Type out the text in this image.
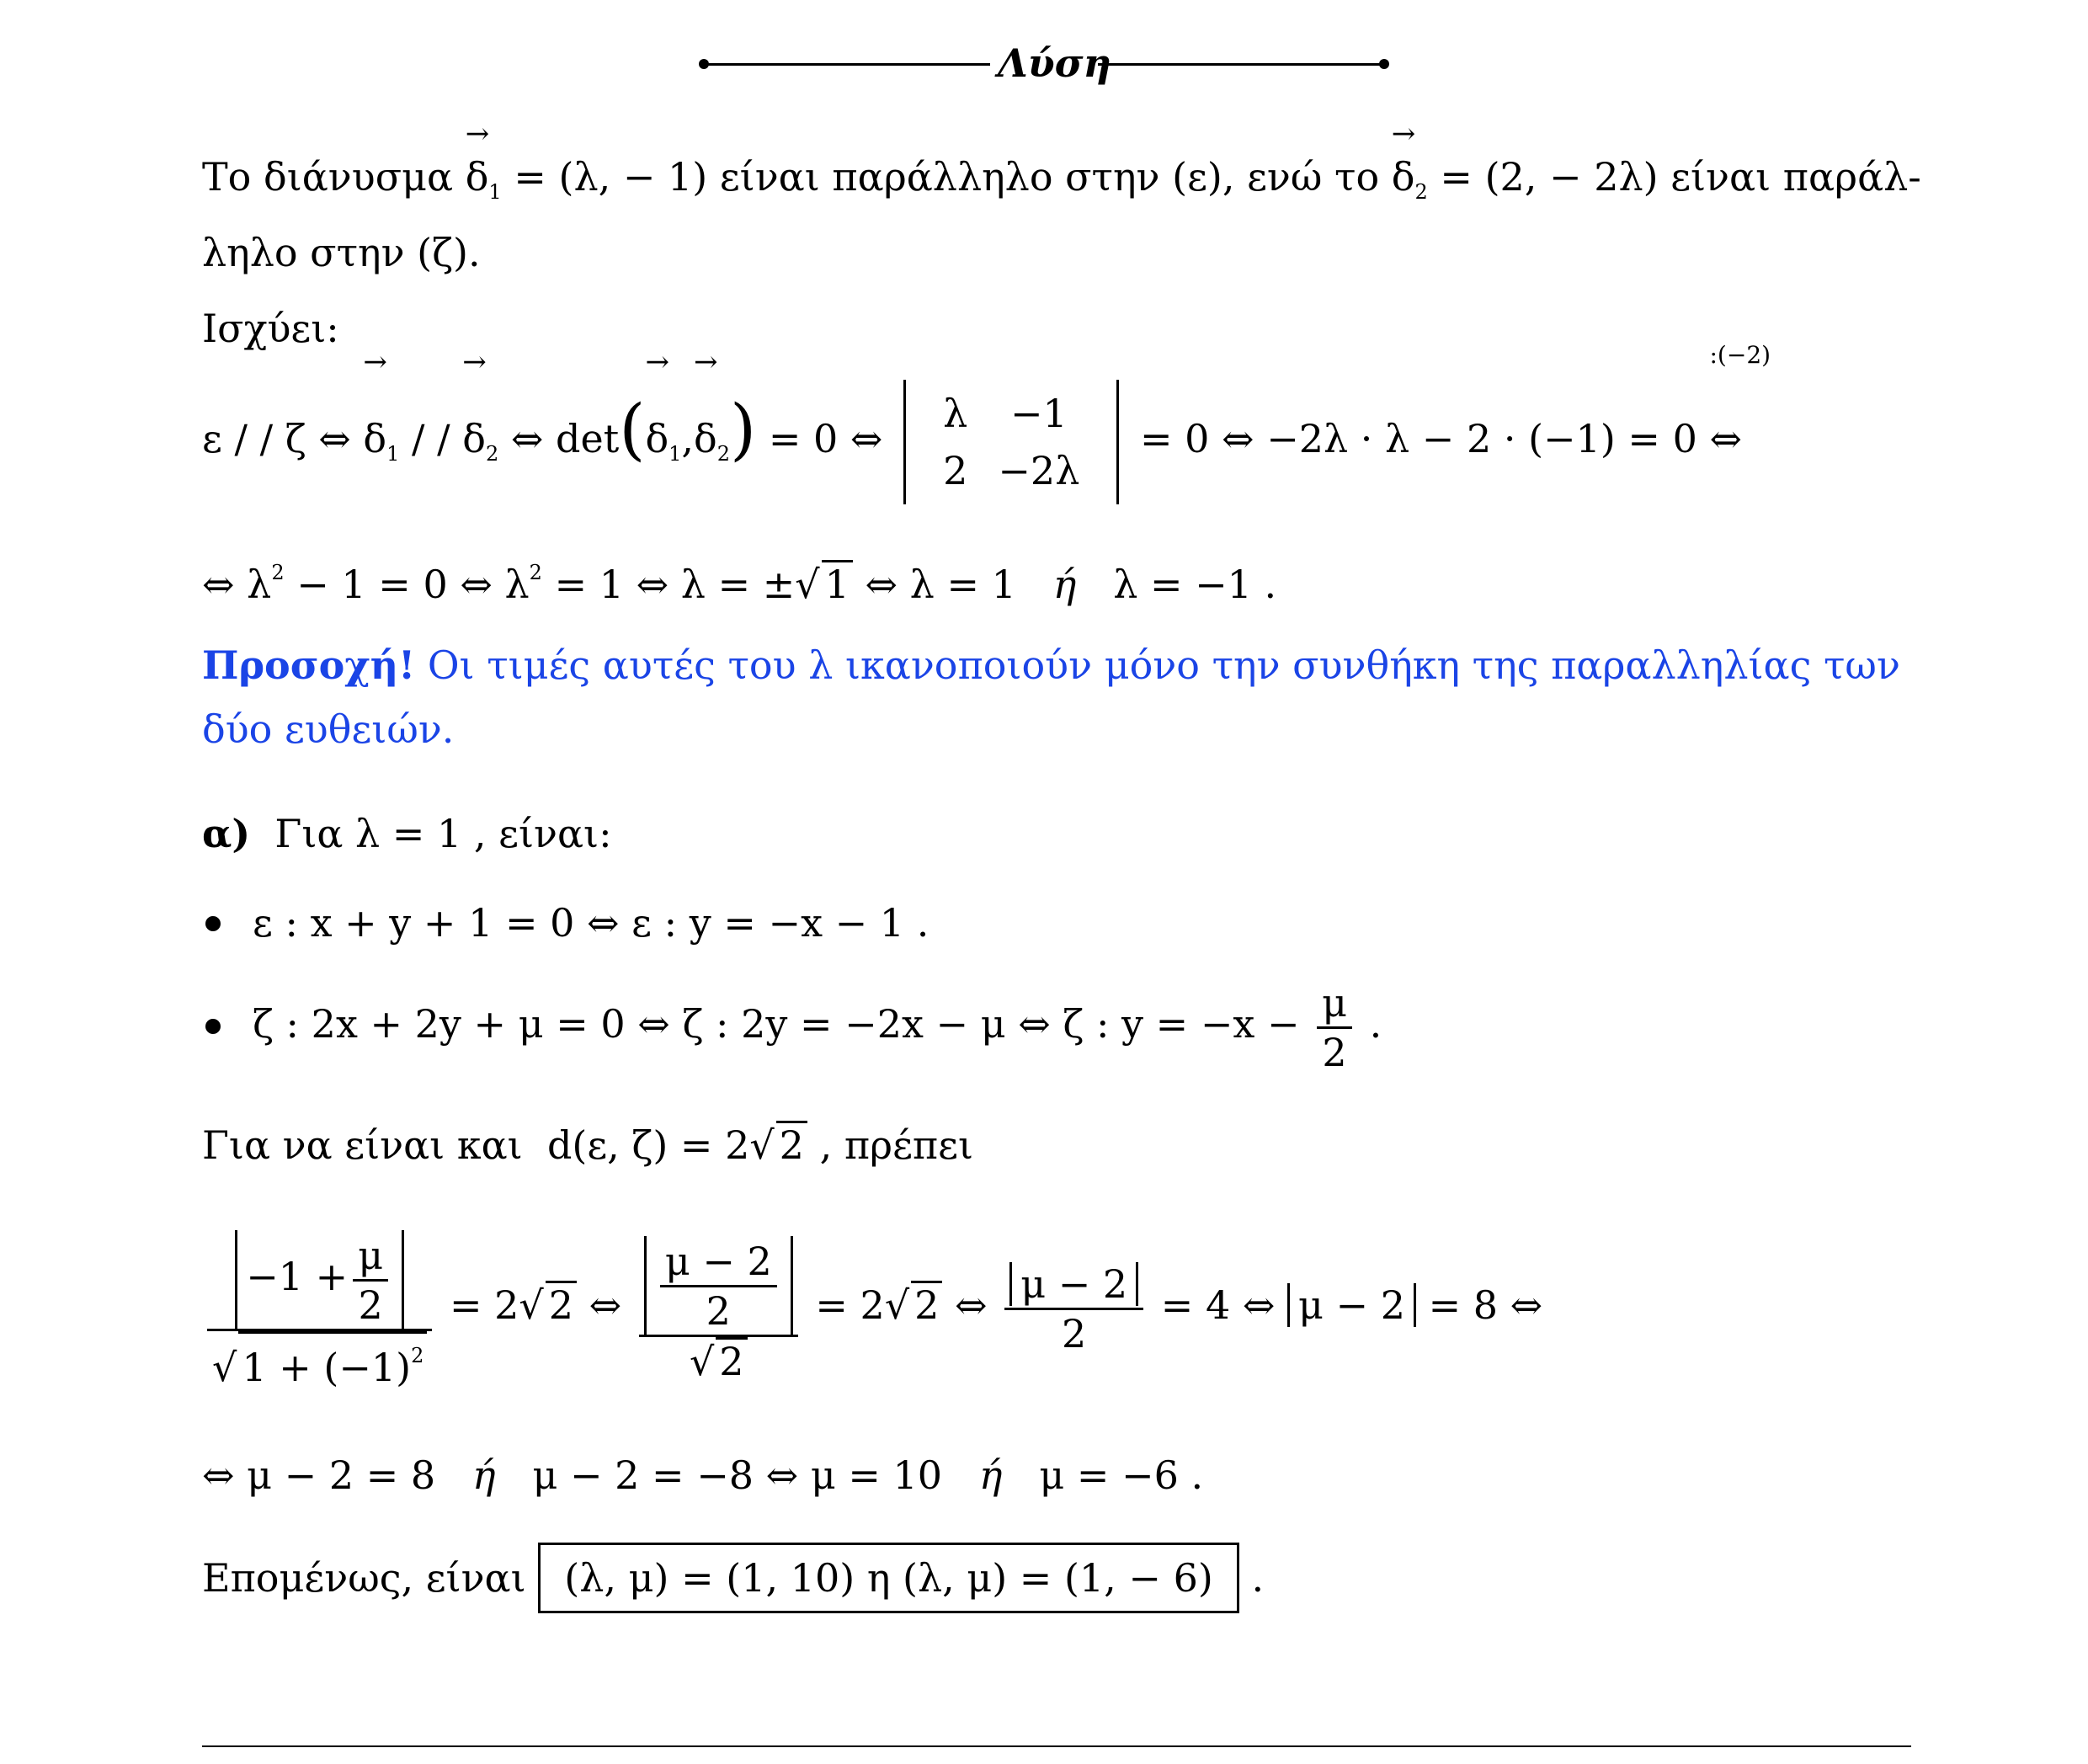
Λύση
Το $\delta\iota ά\nu\upsilon\sigma\mu\alpha \to \delta_1 = (\lambda$, − 1) είναι παράλληλο στην (ε), ενώ $\tau o \to \delta_2 = (2$, − 2λ) είναι παράλ-
ληλο στην (ζ).
Ισχύει:
ε / / ζ ⇔ → $\delta_1$ / / → $\delta_2$ ⇔ $\det(\to \delta_1,\to \delta_2) = 0$ ⇔
λ	−1
2	−2λ
= 0 ⇔ −2λ · λ − 2 · (−1) = 0
:(−2)
⇔
⇔ $\lambda^2 - 1 = 0$ ⇔ $\lambda^2 = 1$ ⇔ λ = ±√ 1 ⇔ λ = 1 ή λ = −1 .
Προσοχή! Οι τιμές αυτές του λ ικανοποιούν μόνο την συνθήκη της παραλληλίας των
δύο ευθειών.
α) Για λ = 1 , είναι:
ε : x + y + 1 = 0 ⇔ ε : y = −x − 1 .
ζ : 2x + 2y + μ = 0 ⇔ ζ : 2y = −2x − μ ⇔ ζ : $y = -x - \frac{\mu}{2}$ .
Για να είναι και d(ε, ζ) = 2√ 2 , πρέπει
$\frac{-1 + \frac{\mu}{2}}{√ 1 + (-1)^2} = 2√$ 2 ⇔ $\frac{\frac{\mu - 2}{2}}{√ 2} = 2√$ 2 ⇔ $\frac{\mu - 2}{2} = 4$ ⇔ μ − 2 = 8 ⇔
⇔ μ − 2 = 8 ή μ − 2 = −8 ⇔ μ = 10 ή μ = −6 .
Επομένως, είναι (λ, μ) = (1, 10) η (λ, μ) = (1, − 6) .
